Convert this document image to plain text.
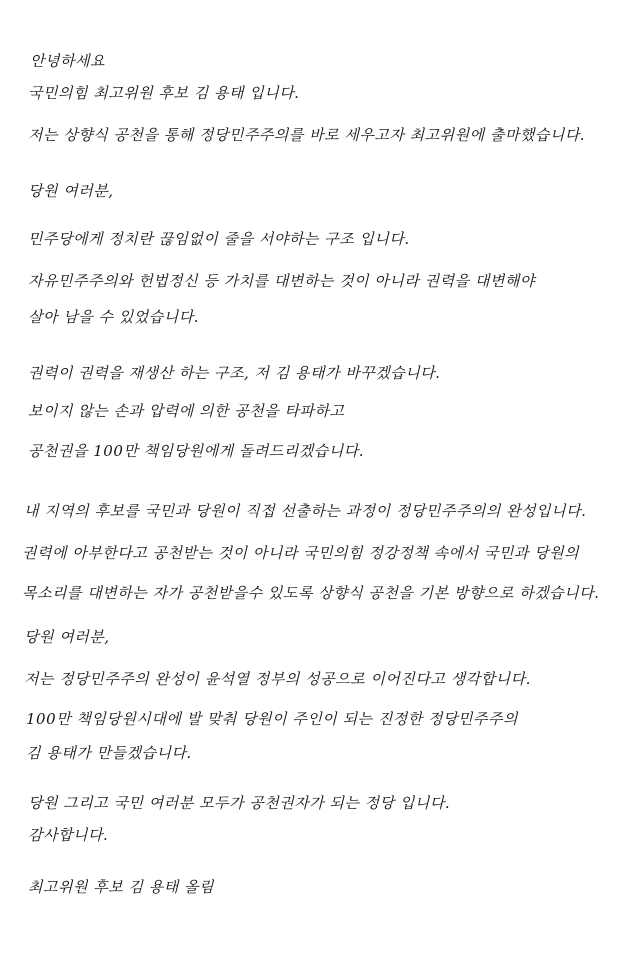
안녕하세요
국민의힘 최고위원 후보 김 용태 입니다.
저는 상향식 공천을 통해 정당민주주의를 바로 세우고자 최고위원에 출마했습니다.
당원 여러분,
민주당에게 정치란 끊임없이 줄을 서야하는 구조 입니다.
자유민주주의와 헌법정신 등 가치를 대변하는 것이 아니라 권력을 대변해야
살아 남을 수 있었습니다.
권력이 권력을 재생산 하는 구조, 저 김 용태가 바꾸겠습니다.
보이지 않는 손과 압력에 의한 공천을 타파하고
공천권을 100만 책임당원에게 돌려드리겠습니다.
내 지역의 후보를 국민과 당원이 직접 선출하는 과정이 정당민주주의의 완성입니다.
권력에 아부한다고 공천받는 것이 아니라 국민의힘 정강정책 속에서 국민과 당원의
목소리를 대변하는 자가 공천받을수 있도록 상향식 공천을 기본 방향으로 하겠습니다.
당원 여러분,
저는 정당민주주의 완성이 윤석열 정부의 성공으로 이어진다고 생각합니다.
100만 책임당원시대에 발 맞춰 당원이 주인이 되는 진정한 정당민주주의
김 용태가 만들겠습니다.
당원 그리고 국민 여러분 모두가 공천권자가 되는 정당 입니다.
감사합니다.
최고위원 후보 김 용태 올림
